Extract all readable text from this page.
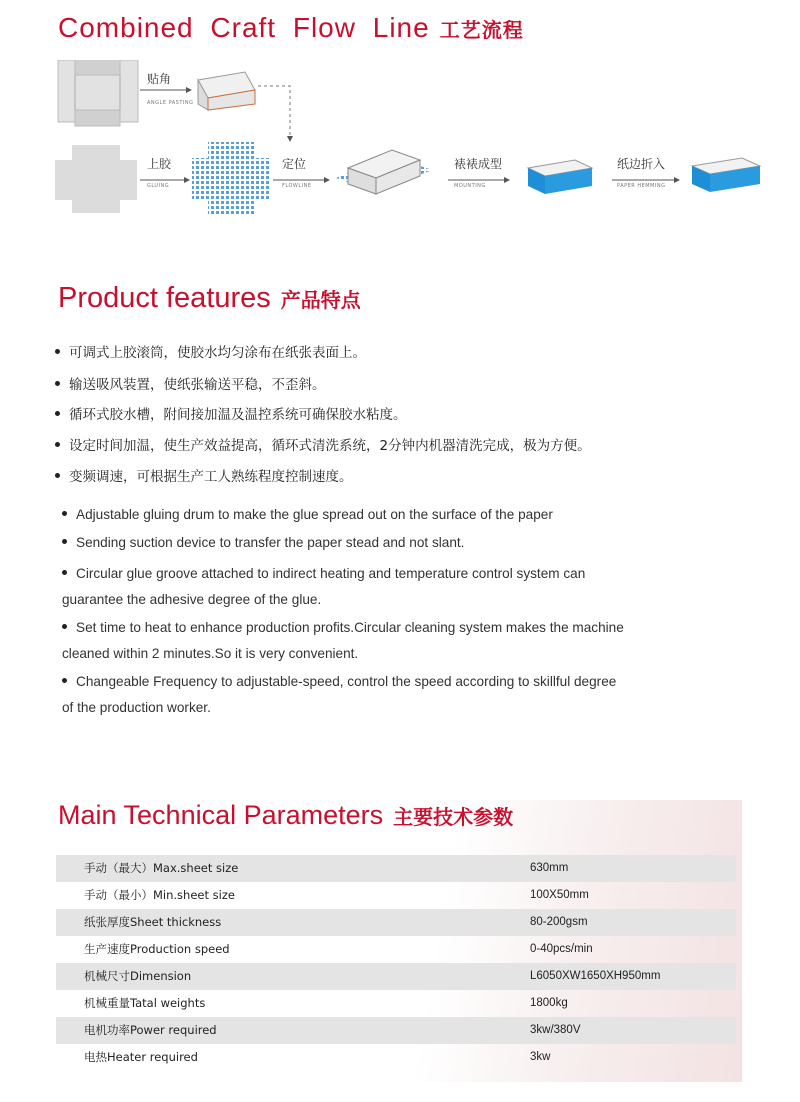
Combined Craft Flow Line 工艺流程
贴角
ANGLE PASTING
上胶
GLUING
定位
FLOWLINE
裱裱成型
MOUNTING
纸边折入
PAPER HEMMING
Product features 产品特点
可调式上胶滚筒，使胶水均匀涂布在纸张表面上。
输送吸风装置，使纸张输送平稳，不歪斜。
循环式胶水槽，附间接加温及温控系统可确保胶水粘度。
设定时间加温，使生产效益提高，循环式清洗系统，2分钟内机器清洗完成，极为方便。
变频调速，可根据生产工人熟练程度控制速度。
Adjustable gluing drum to make the glue spread out on the surface of the paper
Sending suction device to transfer the paper stead and not slant.
Circular glue groove attached to indirect heating and temperature control system can
guarantee the adhesive degree of the glue.
Set time to heat to enhance production profits.Circular cleaning system makes the machine
cleaned within 2 minutes.So it is very convenient.
Changeable Frequency to adjustable-speed, control the speed according to skillful degree
of the production worker.
Main Technical Parameters 主要技术参数
手动（最大）Max.sheet size	630mm
手动（最小）Min.sheet size	100X50mm
纸张厚度Sheet thickness	80-200gsm
生产速度Production speed	0-40pcs/min
机械尺寸Dimension	L6050XW1650XH950mm
机械重量Tatal weights	1800kg
电机功率Power required	3kw/380V
电热Heater required	3kw
